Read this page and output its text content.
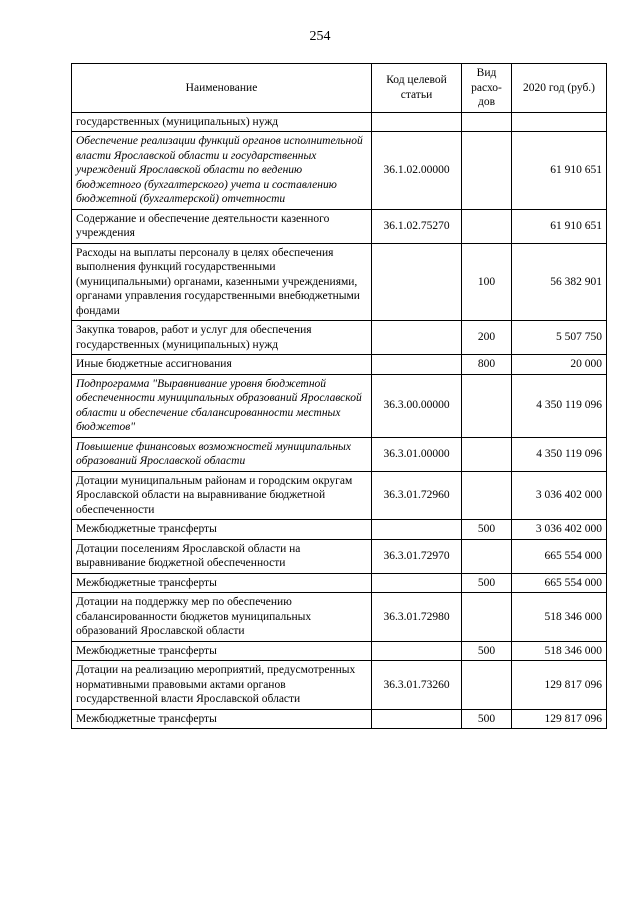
254
Наименование	Код целевой статьи	Вид расхо-дов	2020 год (руб.)
государственных (муниципальных) нужд			
Обеспечение реализации функций органов исполнительной власти Ярославской области и государственных учреждений Ярославской области по ведению бюджетного (бухгалтерского) учета и составлению бюджетной (бухгалтерской) отчетности	36.1.02.00000		61 910 651
Содержание и обеспечение деятельности казенного учреждения	36.1.02.75270		61 910 651
Расходы на выплаты персоналу в целях обеспечения выполнения функций государственными (муниципальными) органами, казенными учреждениями, органами управления государственными внебюджетными фондами		100	56 382 901
Закупка товаров, работ и услуг для обеспечения государственных (муниципальных) нужд		200	5 507 750
Иные бюджетные ассигнования		800	20 000
Подпрограмма "Выравнивание уровня бюджетной обеспеченности муниципальных образований Ярославской области и обеспечение сбалансированности местных бюджетов"	36.3.00.00000		4 350 119 096
Повышение финансовых возможностей муниципальных образований Ярославской области	36.3.01.00000		4 350 119 096
Дотации муниципальным районам и городским округам Ярославской области на выравнивание бюджетной обеспеченности	36.3.01.72960		3 036 402 000
Межбюджетные трансферты		500	3 036 402 000
Дотации поселениям Ярославской области на выравнивание бюджетной обеспеченности	36.3.01.72970		665 554 000
Межбюджетные трансферты		500	665 554 000
Дотации на поддержку мер по обеспечению сбалансированности бюджетов муниципальных образований Ярославской области	36.3.01.72980		518 346 000
Межбюджетные трансферты		500	518 346 000
Дотации на реализацию мероприятий, предусмотренных нормативными правовыми актами органов государственной власти Ярославской области	36.3.01.73260		129 817 096
Межбюджетные трансферты		500	129 817 096
